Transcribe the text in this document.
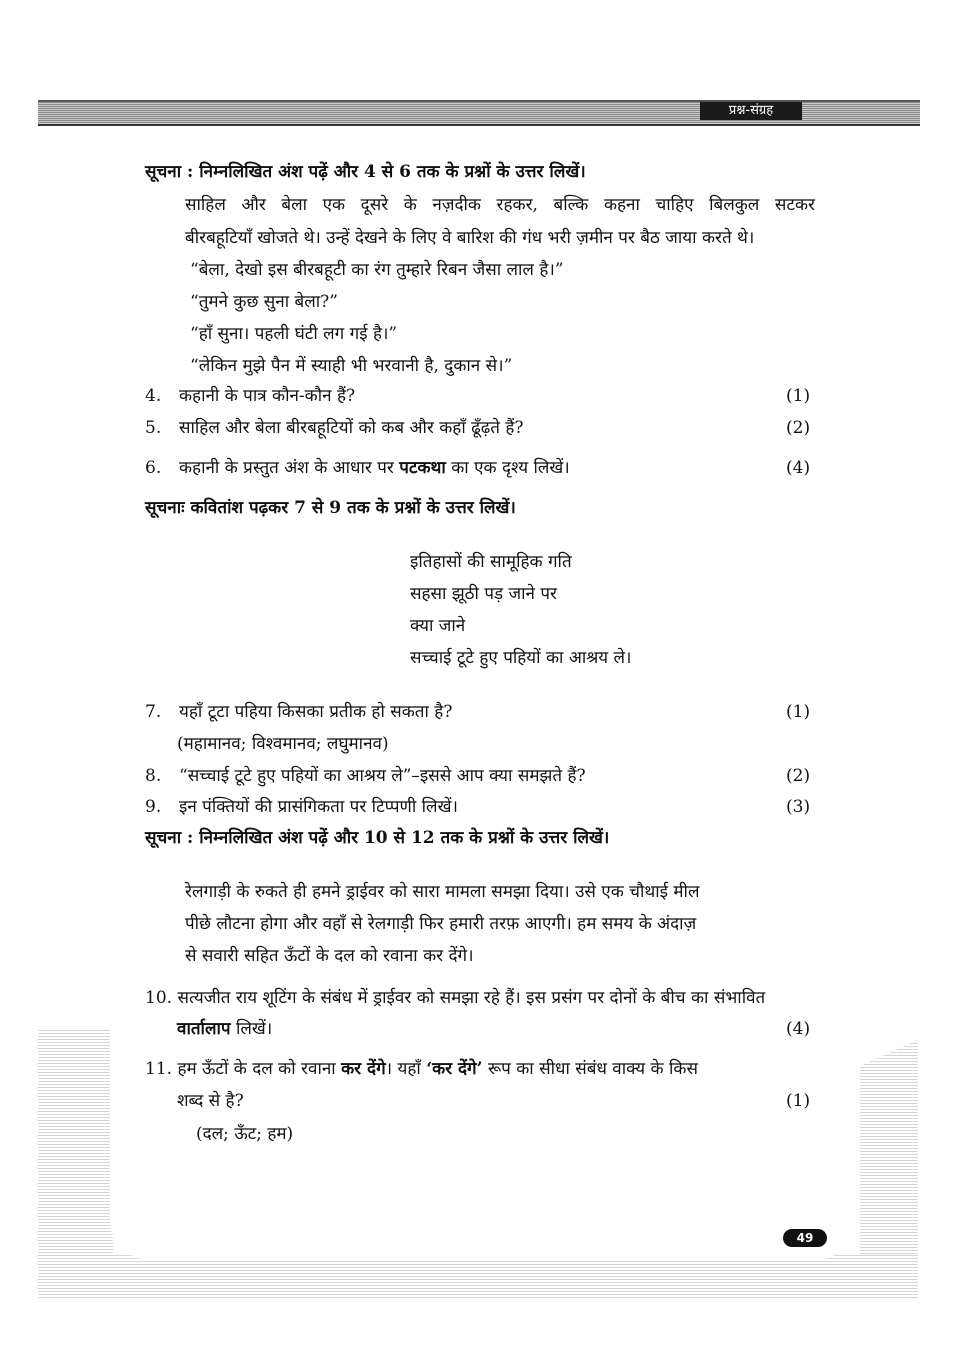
प्रश्न-संग्रह
सूचना : निम्नलिखित अंश पढ़ें और 4 से 6 तक के प्रश्नों के उत्तर लिखें।
साहिल और बेला एक दूसरे के नज़दीक रहकर, बल्कि कहना चाहिए बिलकुल सटकर
बीरबहूटियाँ खोजते थे। उन्हें देखने के लिए वे बारिश की गंध भरी ज़मीन पर बैठ जाया करते थे।
“बेला, देखो इस बीरबहूटी का रंग तुम्हारे रिबन जैसा लाल है।”
“तुमने कुछ सुना बेला?”
“हाँ सुना। पहली घंटी लग गई है।”
“लेकिन मुझे पैन में स्याही भी भरवानी है, दुकान से।”
4. कहानी के पात्र कौन-कौन हैं?	(1)
5. साहिल और बेला बीरबहूटियों को कब और कहाँ ढूँढ़ते हैं?	(2)
6. कहानी के प्रस्तुत अंश के आधार पर पटकथा का एक दृश्य लिखें।	(4)
सूचनाः कवितांश पढ़कर 7 से 9 तक के प्रश्नों के उत्तर लिखें।
इतिहासों की सामूहिक गति
सहसा झूठी पड़ जाने पर
क्या जाने
सच्चाई टूटे हुए पहियों का आश्रय ले।
7. यहाँ टूटा पहिया किसका प्रतीक हो सकता है?	(1)
(महामानव; विश्वमानव; लघुमानव)
8. “सच्चाई टूटे हुए पहियों का आश्रय ले”–इससे आप क्या समझते हैं?	(2)
9. इन पंक्तियों की प्रासंगिकता पर टिप्पणी लिखें।	(3)
सूचना : निम्नलिखित अंश पढ़ें और 10 से 12 तक के प्रश्नों के उत्तर लिखें।
रेलगाड़ी के रुकते ही हमने ड्राईवर को सारा मामला समझा दिया। उसे एक चौथाई मील
पीछे लौटना होगा और वहाँ से रेलगाड़ी फिर हमारी तरफ़ आएगी। हम समय के अंदाज़
से सवारी सहित ऊँटों के दल को रवाना कर देंगे।
10. सत्यजीत राय शूटिंग के संबंध में ड्राईवर को समझा रहे हैं। इस प्रसंग पर दोनों के बीच का संभावित
वार्तालाप लिखें।	(4)
11. हम ऊँटों के दल को रवाना कर देंगे। यहाँ ‘कर देंगे’ रूप का सीधा संबंध वाक्य के किस
शब्द से है?	(1)
(दल; ऊँट; हम)
49
